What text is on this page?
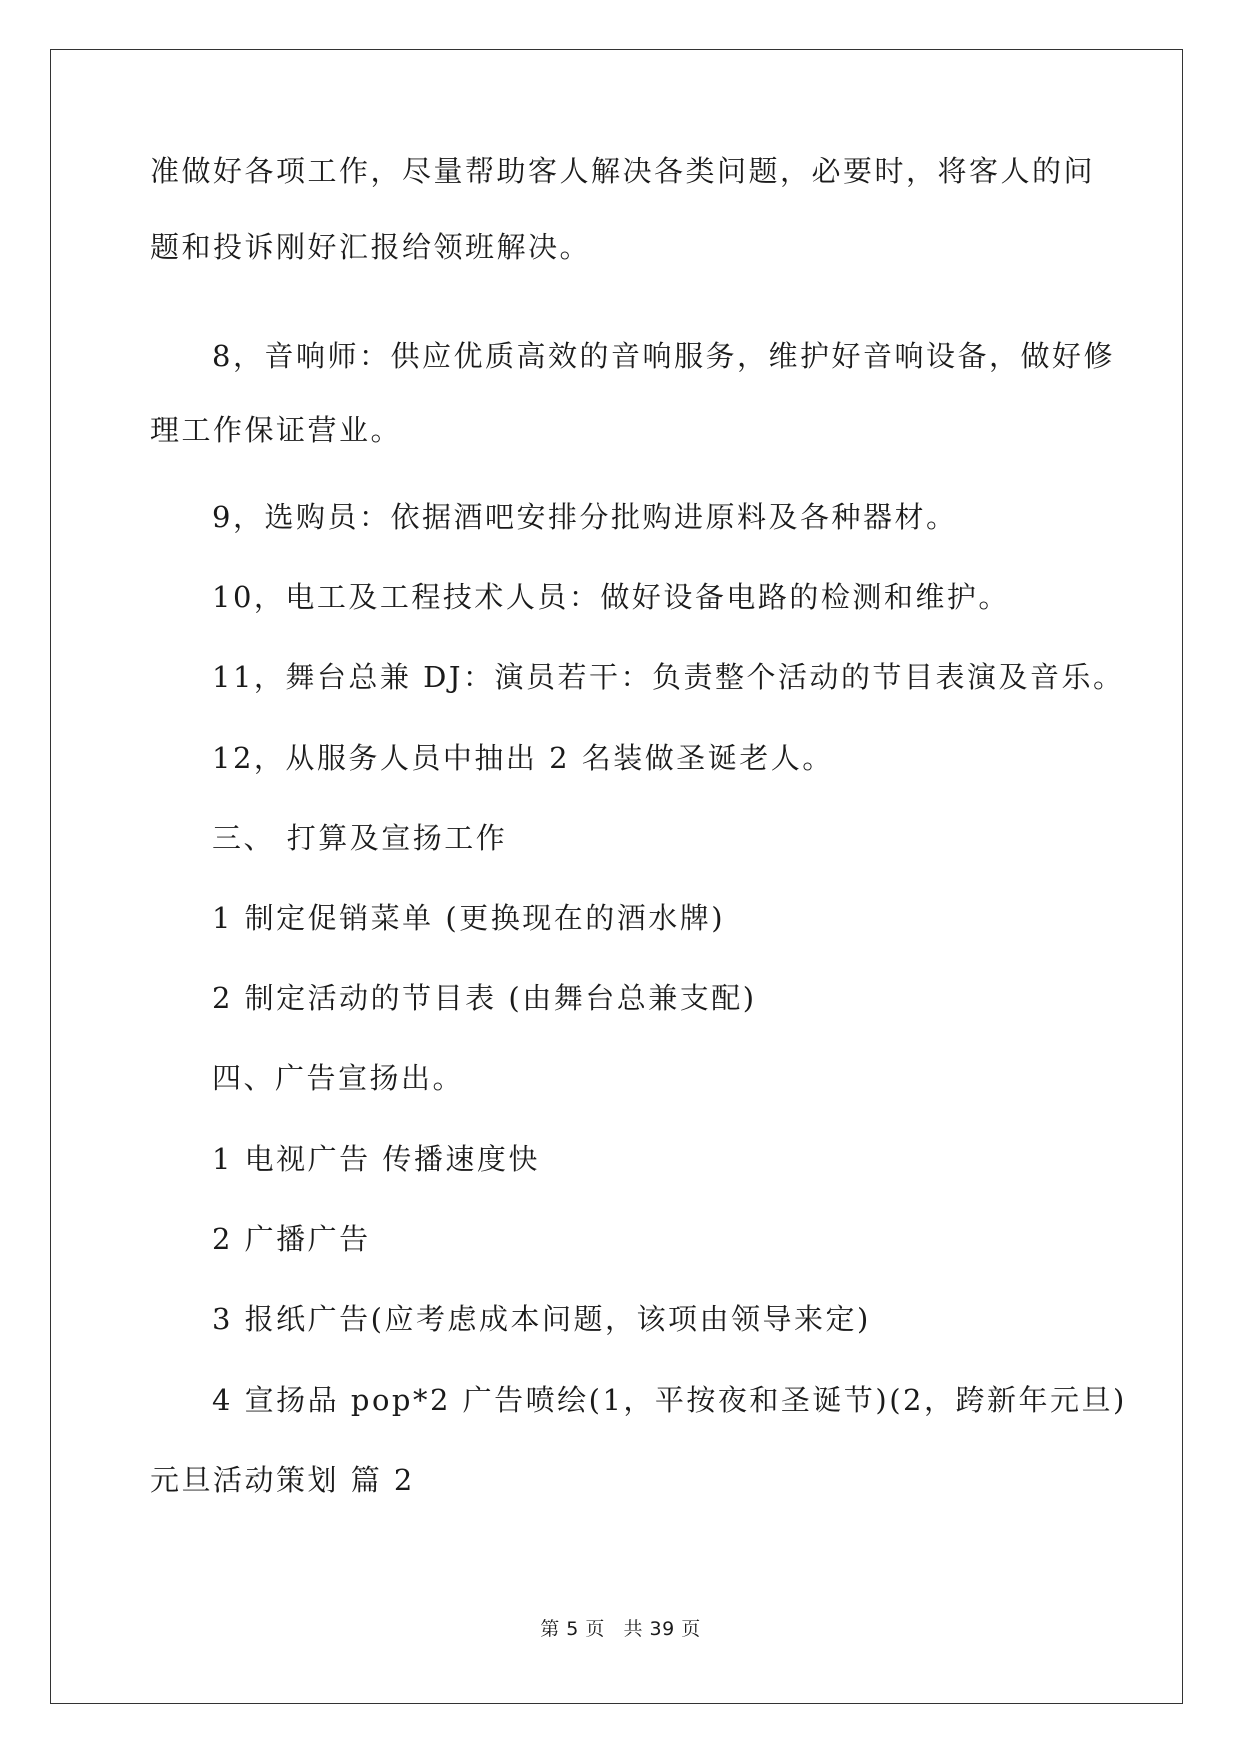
准做好各项工作，尽量帮助客人解决各类问题，必要时，将客人的问
题和投诉刚好汇报给领班解决。
8，音响师：供应优质高效的音响服务，维护好音响设备，做好修
理工作保证营业。
9，选购员：依据酒吧安排分批购进原料及各种器材。
10，电工及工程技术人员：做好设备电路的检测和维护。
11，舞台总兼 DJ：演员若干：负责整个活动的节目表演及音乐。
12，从服务人员中抽出 2 名装做圣诞老人。
三、 打算及宣扬工作
1 制定促销菜单 (更换现在的酒水牌)
2 制定活动的节目表 (由舞台总兼支配)
四、广告宣扬出。
1 电视广告 传播速度快
2 广播广告
3 报纸广告(应考虑成本问题，该项由领导来定)
4 宣扬品 pop*2 广告喷绘(1，平按夜和圣诞节)(2，跨新年元旦)
元旦活动策划 篇 2
第 5 页 共 39 页
